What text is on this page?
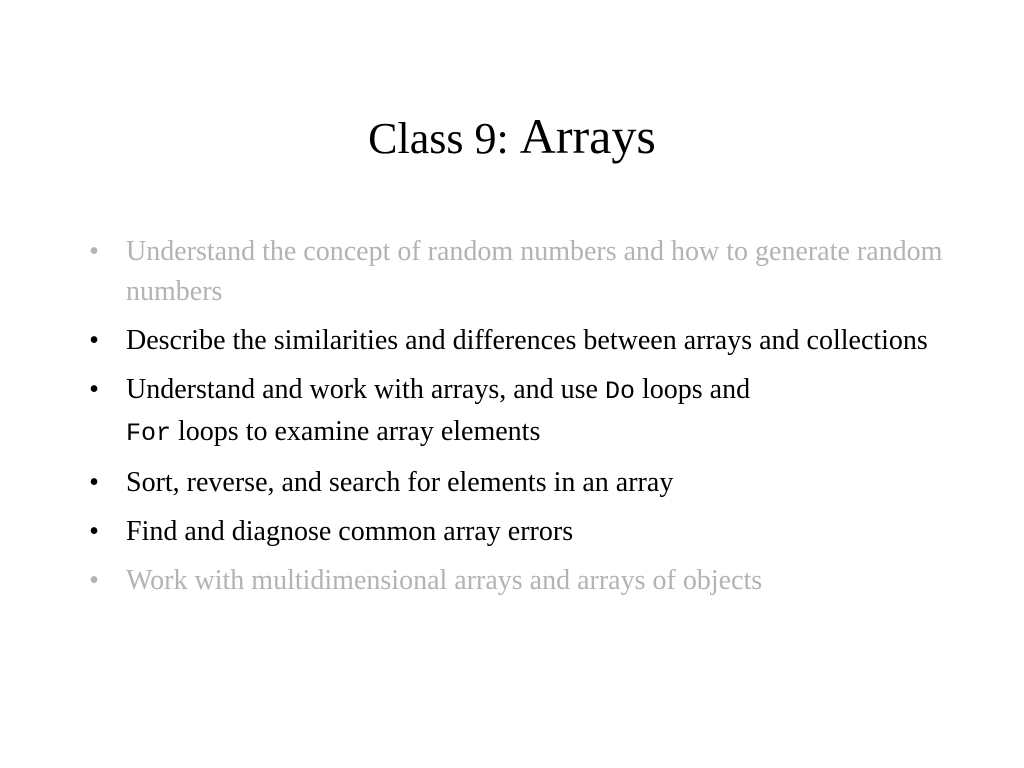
Class 9: Arrays
• Understand the concept of random numbers and how to generate random numbers
• Describe the similarities and differences between arrays and collections
• Understand and work with arrays, and use Do loops and
For loops to examine array elements
• Sort, reverse, and search for elements in an array
• Find and diagnose common array errors
• Work with multidimensional arrays and arrays of objects
